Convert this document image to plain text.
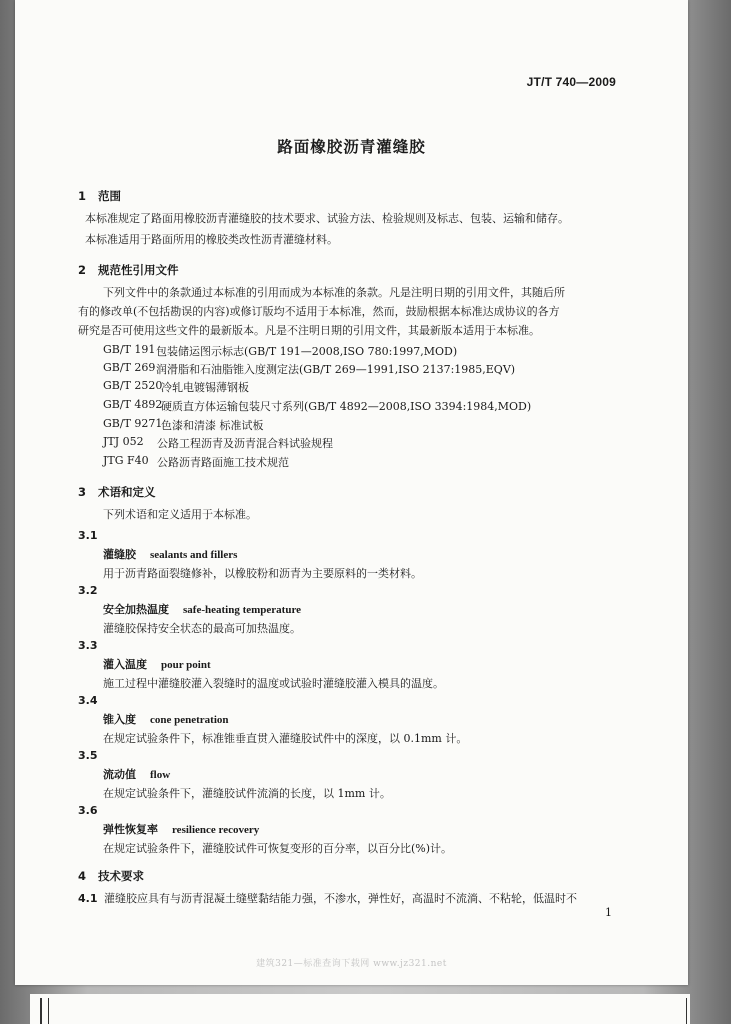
JT/T 740—2009
路面橡胶沥青灌缝胶
1 范围
本标准规定了路面用橡胶沥青灌缝胶的技术要求、试验方法、检验规则及标志、包装、运输和储存。
本标准适用于路面所用的橡胶类改性沥青灌缝材料。
2 规范性引用文件
下列文件中的条款通过本标准的引用而成为本标准的条款。凡是注明日期的引用文件，其随后所
有的修改单(不包括勘误的内容)或修订版均不适用于本标准，然而，鼓励根据本标准达成协议的各方
研究是否可使用这些文件的最新版本。凡是不注明日期的引用文件，其最新版本适用于本标准。
GB/T 191 包装储运图示标志(GB/T 191—2008,ISO 780:1997,MOD)
GB/T 269 润滑脂和石油脂锥入度测定法(GB/T 269—1991,ISO 2137:1985,EQV)
GB/T 2520
冷轧电镀锡薄钢板
GB/T 4892
硬质直方体运输包装尺寸系列(GB/T 4892—2008,ISO 3394:1984,MOD)
GB/T 9271
色漆和清漆 标准试板
JTJ 052 公路工程沥青及沥青混合料试验规程
JTG F40 公路沥青路面施工技术规范
3 术语和定义
下列术语和定义适用于本标准。
3.1
灌缝胶 sealants and fillers
用于沥青路面裂缝修补，以橡胶粉和沥青为主要原料的一类材料。
3.2
安全加热温度 safe-heating temperature
灌缝胶保持安全状态的最高可加热温度。
3.3
灌入温度 pour point
施工过程中灌缝胶灌入裂缝时的温度或试验时灌缝胶灌入模具的温度。
3.4
锥入度 cone penetration
在规定试验条件下，标准锥垂直贯入灌缝胶试件中的深度，以 0.1mm 计。
3.5
流动值 flow
在规定试验条件下，灌缝胶试件流淌的长度，以 1mm 计。
3.6
弹性恢复率 resilience recovery
在规定试验条件下，灌缝胶试件可恢复变形的百分率，以百分比(%)计。
4 技术要求
4.1 灌缝胶应具有与沥青混凝土缝壁黏结能力强，不渗水，弹性好，高温时不流淌、不粘轮，低温时不
1
建筑321—标准查询下载网 www.jz321.net
